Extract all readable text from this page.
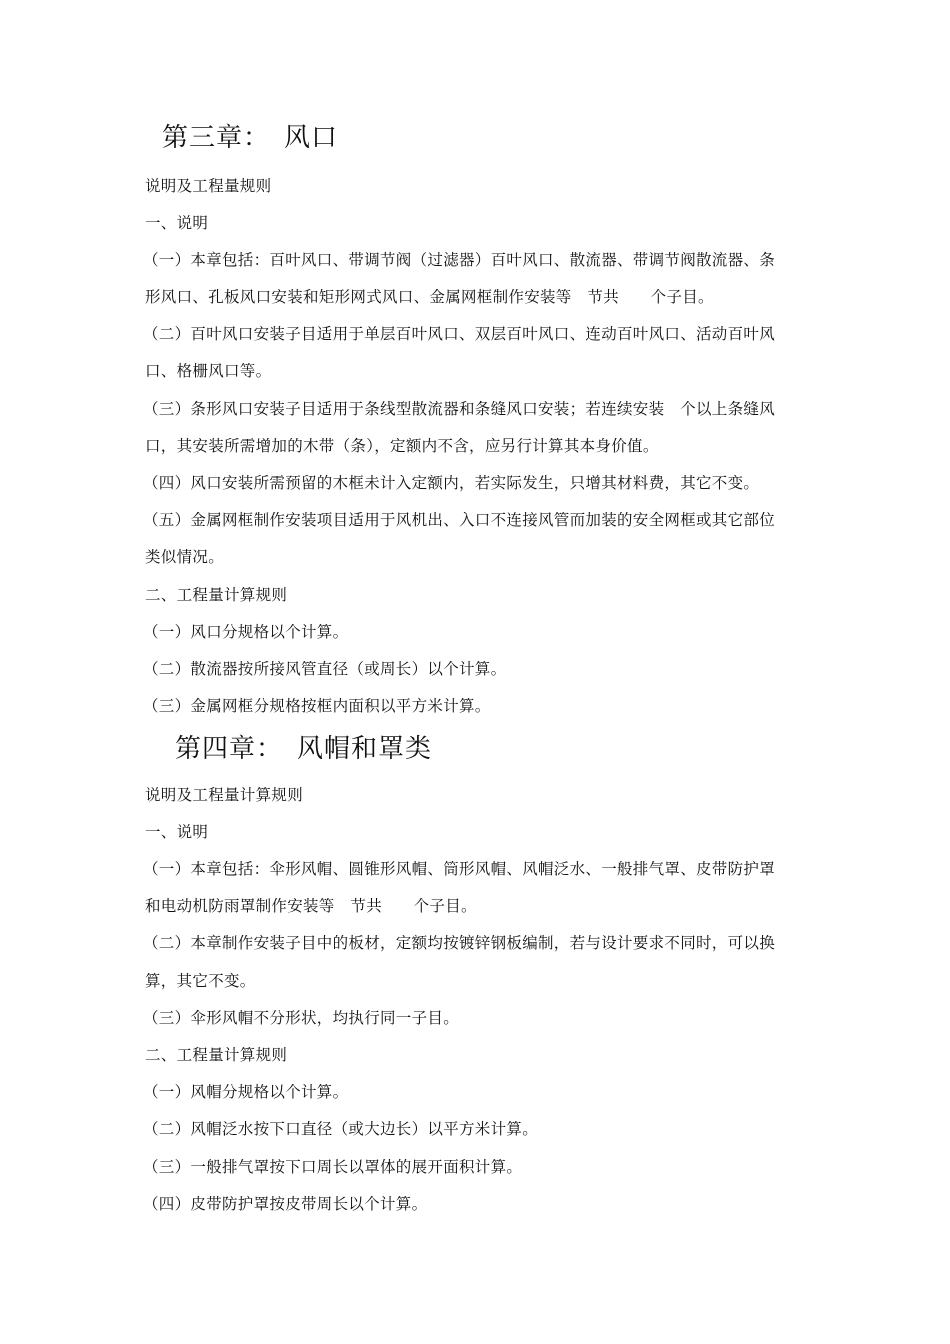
第三章：　风口
说明及工程量规则
一、说明
（一）本章包括：百叶风口、带调节阀（过滤器）百叶风口、散流器、带调节阀散流器、条
形风口、孔板风口安装和矩形网式风口、金属网框制作安装等　节共　　个子目。
（二）百叶风口安装子目适用于单层百叶风口、双层百叶风口、连动百叶风口、活动百叶风
口、格栅风口等。
（三）条形风口安装子目适用于条线型散流器和条缝风口安装；若连续安装　个以上条缝风
口，其安装所需增加的木带（条），定额内不含，应另行计算其本身价值。
（四）风口安装所需预留的木框未计入定额内，若实际发生，只增其材料费，其它不变。
（五）金属网框制作安装项目适用于风机出、入口不连接风管而加装的安全网框或其它部位
类似情况。
二、工程量计算规则
（一）风口分规格以个计算。
（二）散流器按所接风管直径（或周长）以个计算。
（三）金属网框分规格按框内面积以平方米计算。
第四章：　风帽和罩类
说明及工程量计算规则
一、说明
（一）本章包括：伞形风帽、圆锥形风帽、筒形风帽、风帽泛水、一般排气罩、皮带防护罩
和电动机防雨罩制作安装等　节共　　个子目。
（二）本章制作安装子目中的板材，定额均按镀锌钢板编制，若与设计要求不同时，可以换
算，其它不变。
（三）伞形风帽不分形状，均执行同一子目。
二、工程量计算规则
（一）风帽分规格以个计算。
（二）风帽泛水按下口直径（或大边长）以平方米计算。
（三）一般排气罩按下口周长以罩体的展开面积计算。
（四）皮带防护罩按皮带周长以个计算。
